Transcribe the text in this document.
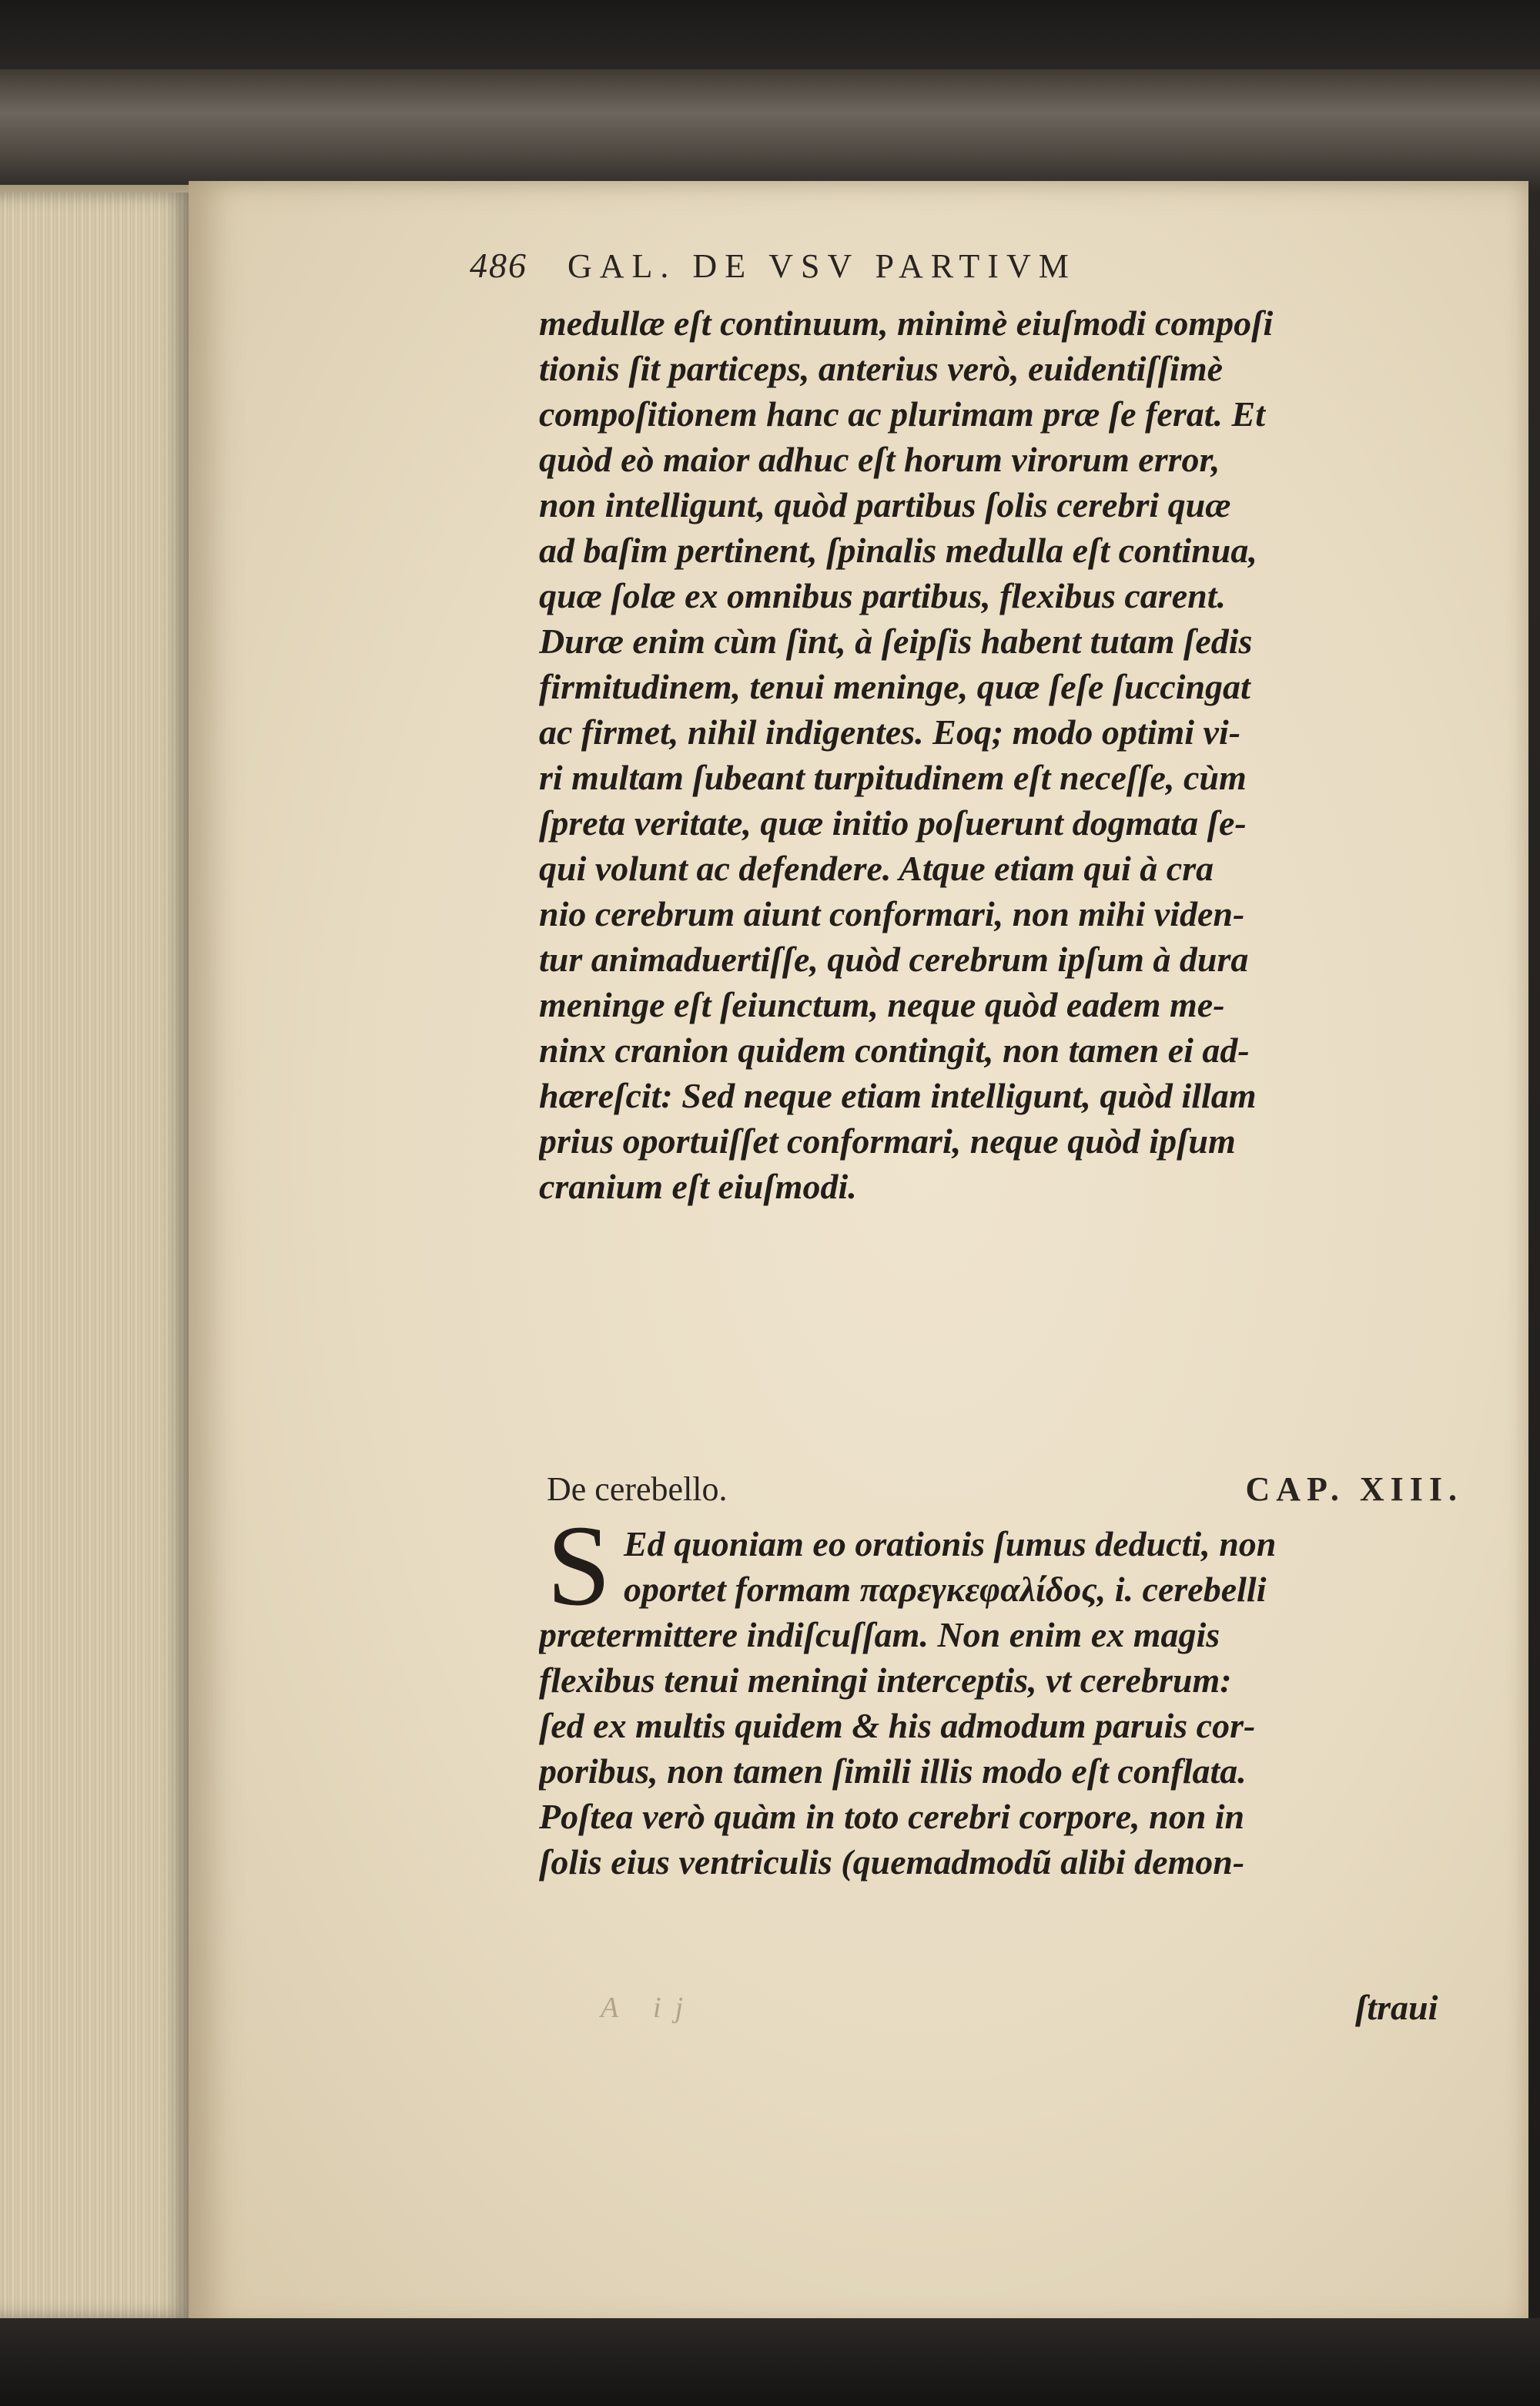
486 GAL. DE VSV PARTIVM
medullæ eſt continuum, minimè eiuſmodi compoſi
tionis ſit particeps, anterius verò, euidentiſſimè
compoſitionem hanc ac plurimam præ ſe ferat. Et
quòd eò maior adhuc eſt horum virorum error,
non intelligunt, quòd partibus ſolis cerebri quæ
ad baſim pertinent, ſpinalis medulla eſt continua,
quæ ſolæ ex omnibus partibus, flexibus carent.
Duræ enim cùm ſint, à ſeipſis habent tutam ſedis
firmitudinem, tenui meninge, quæ ſeſe ſuccingat
ac firmet, nihil indigentes. Eoq; modo optimi vi-
ri multam ſubeant turpitudinem eſt neceſſe, cùm
ſpreta veritate, quæ initio poſuerunt dogmata ſe-
qui volunt ac defendere. Atque etiam qui à cra
nio cerebrum aiunt conformari, non mihi viden-
tur animaduertiſſe, quòd cerebrum ipſum à dura
meninge eſt ſeiunctum, neque quòd eadem me-
ninx cranion quidem contingit, non tamen ei ad-
hæreſcit: Sed neque etiam intelligunt, quòd illam
prius oportuiſſet conformari, neque quòd ipſum
cranium eſt eiuſmodi.
De cerebello.	CAP. XIII.
S Ed quoniam eo orationis ſumus deducti, non
oportet formam παρεγκεφαλίδος, i. cerebelli
prætermittere indiſcuſſam. Non enim ex magis
flexibus tenui meningi interceptis, vt cerebrum:
ſed ex multis quidem & his admodum paruis cor-
poribus, non tamen ſimili illis modo eſt conflata.
Poſtea verò quàm in toto cerebri corpore, non in
ſolis eius ventriculis (quemadmodũ alibi demon-
A ij	ſtraui
